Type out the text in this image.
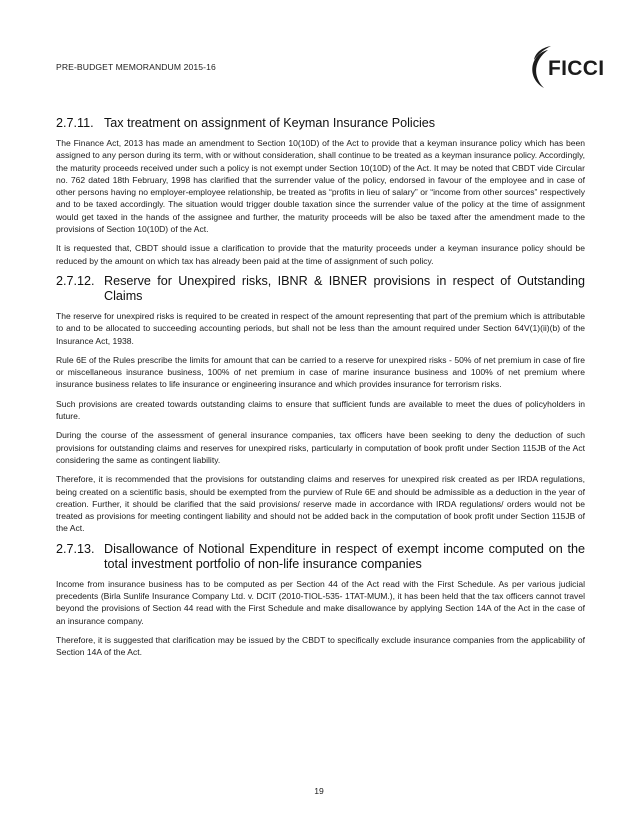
PRE-BUDGET MEMORANDUM 2015-16	FICCI
2.7.11. Tax treatment on assignment of Keyman Insurance Policies

The Finance Act, 2013 has made an amendment to Section 10(10D) of the Act to provide that a keyman insurance policy which has been assigned to any person during its term, with or without consideration, shall continue to be treated as a keyman insurance policy. Accordingly, the maturity proceeds received under such a policy is not exempt under Section 10(10D) of the Act. It may be noted that CBDT vide Circular no. 762 dated 18th February, 1998 has clarified that the surrender value of the policy, endorsed in favour of the employee and in case of other persons having no employer-employee relationship, be treated as “profits in lieu of salary” or “income from other sources” respectively and to be taxed accordingly. The situation would trigger double taxation since the surrender value of the policy at the time of assignment would get taxed in the hands of the assignee and further, the maturity proceeds will be also be taxed after the amendment made to the provisions of Section 10(10D) of the Act.

It is requested that, CBDT should issue a clarification to provide that the maturity proceeds under a keyman insurance policy should be reduced by the amount on which tax has already been paid at the time of assignment of such policy.

2.7.12. Reserve for Unexpired risks, IBNR & IBNER provisions in respect of Outstanding Claims

The reserve for unexpired risks is required to be created in respect of the amount representing that part of the premium which is attributable to and to be allocated to succeeding accounting periods, but shall not be less than the amount required under Section 64V(1)(ii)(b) of the Insurance Act, 1938.

Rule 6E of the Rules prescribe the limits for amount that can be carried to a reserve for unexpired risks - 50% of net premium in case of fire or miscellaneous insurance business, 100% of net premium in case of marine insurance business and 100% of net premium where insurance business relates to life insurance or engineering insurance and which provides insurance for terrorism risks.

Such provisions are created towards outstanding claims to ensure that sufficient funds are available to meet the dues of policyholders in future.

During the course of the assessment of general insurance companies, tax officers have been seeking to deny the deduction of such provisions for outstanding claims and reserves for unexpired risks, particularly in computation of book profit under Section 115JB of the Act considering the same as contingent liability.

Therefore, it is recommended that the provisions for outstanding claims and reserves for unexpired risk created as per IRDA regulations, being created on a scientific basis, should be exempted from the purview of Rule 6E and should be admissible as a deduction in the year of creation. Further, it should be clarified that the said provisions/ reserve made in accordance with IRDA regulations/ orders would not be treated as provisions for meeting contingent liability and should not be added back in the computation of book profit under Section 115JB of the Act.

2.7.13. Disallowance of Notional Expenditure in respect of exempt income computed on the total investment portfolio of non-life insurance companies

Income from insurance business has to be computed as per Section 44 of the Act read with the First Schedule. As per various judicial precedents (Birla Sunlife Insurance Company Ltd. v. DCIT (2010-TIOL-535- 1TAT-MUM.), it has been held that the tax officers cannot travel beyond the provisions of Section 44 read with the First Schedule and make disallowance by applying Section 14A of the Act in the case of an insurance company.

Therefore, it is suggested that clarification may be issued by the CBDT to specifically exclude insurance companies from the applicability of Section 14A of the Act.

19
